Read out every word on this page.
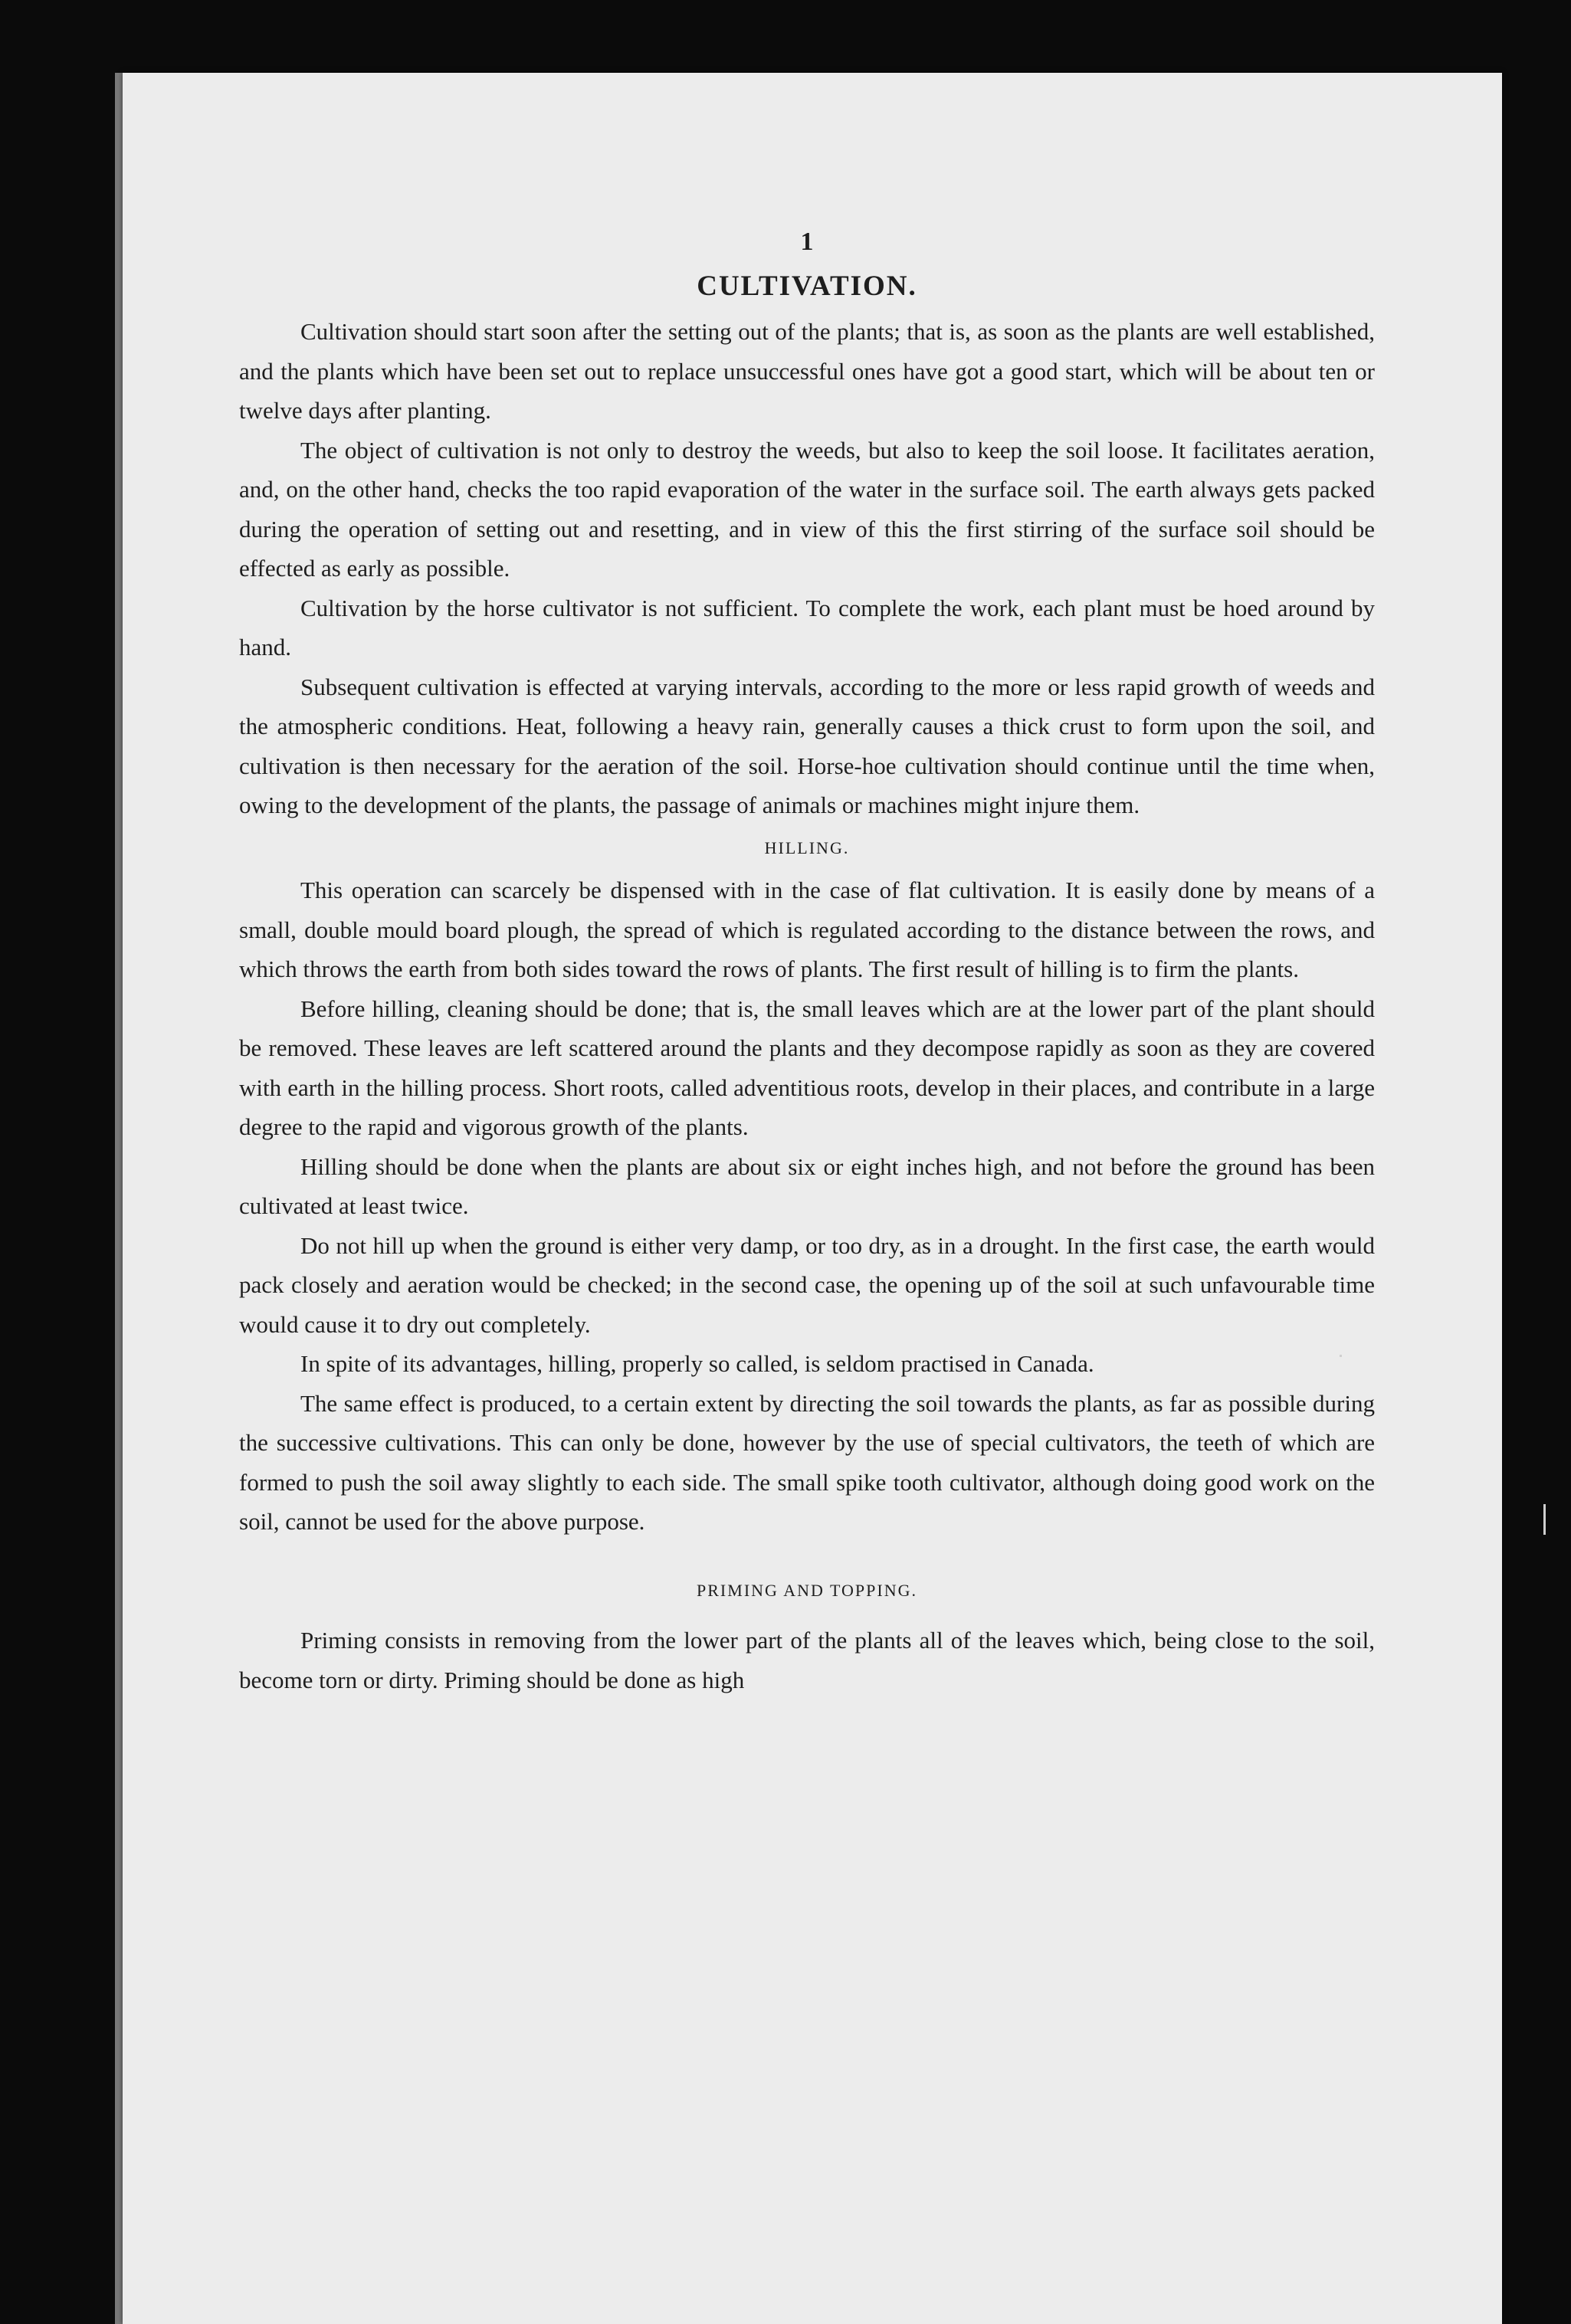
1
CULTIVATION.

Cultivation should start soon after the setting out of the plants; that is, as soon as the plants are well established, and the plants which have been set out to replace unsuccessful ones have got a good start, which will be about ten or twelve days after planting.

The object of cultivation is not only to destroy the weeds, but also to keep the soil loose. It facilitates aeration, and, on the other hand, checks the too rapid evaporation of the water in the surface soil. The earth always gets packed during the operation of setting out and resetting, and in view of this the first stirring of the surface soil should be effected as early as possible.

Cultivation by the horse cultivator is not sufficient. To complete the work, each plant must be hoed around by hand.

Subsequent cultivation is effected at varying intervals, according to the more or less rapid growth of weeds and the atmospheric conditions. Heat, following a heavy rain, generally causes a thick crust to form upon the soil, and cultivation is then necessary for the aeration of the soil. Horse-hoe cultivation should continue until the time when, owing to the development of the plants, the passage of animals or machines might injure them.

HILLING.

This operation can scarcely be dispensed with in the case of flat cultivation. It is easily done by means of a small, double mould board plough, the spread of which is regulated according to the distance between the rows, and which throws the earth from both sides toward the rows of plants. The first result of hilling is to firm the plants.

Before hilling, cleaning should be done; that is, the small leaves which are at the lower part of the plant should be removed. These leaves are left scattered around the plants and they decompose rapidly as soon as they are covered with earth in the hilling process. Short roots, called adventitious roots, develop in their places, and contribute in a large degree to the rapid and vigorous growth of the plants.

Hilling should be done when the plants are about six or eight inches high, and not before the ground has been cultivated at least twice.

Do not hill up when the ground is either very damp, or too dry, as in a drought. In the first case, the earth would pack closely and aeration would be checked; in the second case, the opening up of the soil at such unfavourable time would cause it to dry out completely.

In spite of its advantages, hilling, properly so called, is seldom practised in Canada.

The same effect is produced, to a certain extent by directing the soil towards the plants, as far as possible during the successive cultivations. This can only be done, however by the use of special cultivators, the teeth of which are formed to push the soil away slightly to each side. The small spike tooth cultivator, although doing good work on the soil, cannot be used for the above purpose.

PRIMING AND TOPPING.

Priming consists in removing from the lower part of the plants all of the leaves which, being close to the soil, become torn or dirty. Priming should be done as high
